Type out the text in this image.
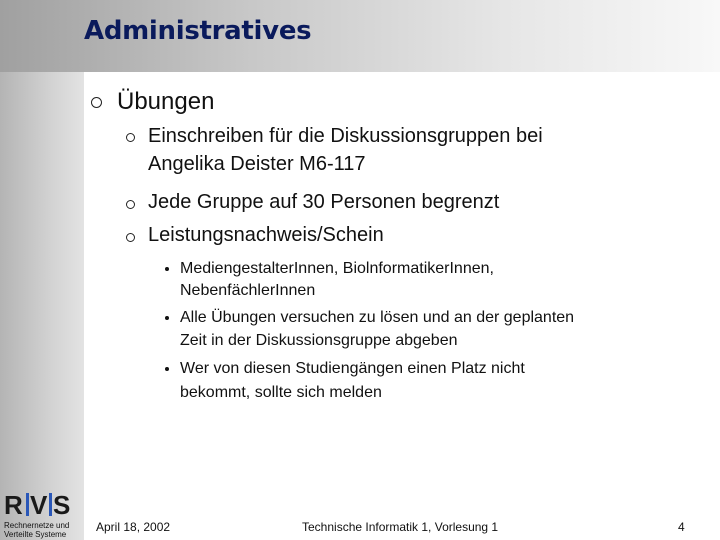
Administratives
Übungen
Einschreiben für die Diskussionsgruppen bei
Angelika Deister M6-117
Jede Gruppe auf 30 Personen begrenzt
Leistungsnachweis/Schein
MediengestalterInnen, BiolnformatikerInnen,
NebenfächlerInnen
Alle Übungen versuchen zu lösen und an der geplanten
Zeit in der Diskussionsgruppe abgeben
Wer von diesen Studiengängen einen Platz nicht
bekommt, sollte sich melden
R V S
Rechnernetze und
Verteilte Systeme
April 18, 2002	Technische Informatik 1, Vorlesung 1	4
